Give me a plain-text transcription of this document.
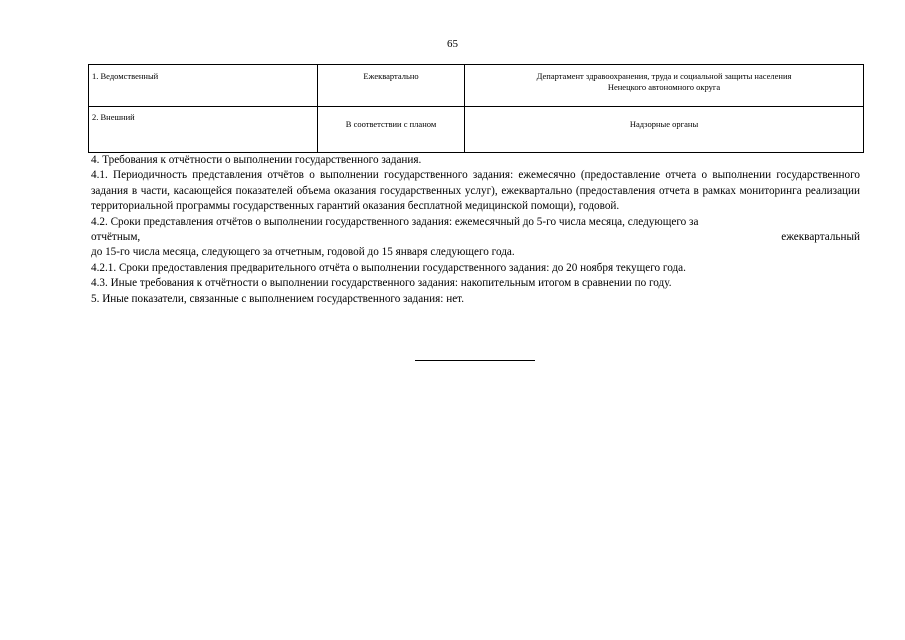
65
1. Ведомственный	Ежеквартально	Департамент здравоохранения, труда и социальной защиты населения
Ненецкого автономного округа

2. Внешний	В соответствии с планом	Надзорные органы

4. Требования к отчётности о выполнении государственного задания.

4.1. Периодичность представления отчётов о выполнении государственного задания: ежемесячно (предоставление отчета о выполнении государственного задания в части, касающейся показателей объема оказания государственных услуг), ежеквартально (предоставления отчета в рамках мониторинга реализации территориальной программы государственных гарантий оказания бесплатной медицинской помощи), годовой.

4.2. Сроки представления отчётов о выполнении государственного задания: ежемесячный до 5-го числа месяца, следующего за

отчётным,	ежеквартальный

до 15-го числа месяца, следующего за отчетным, годовой до 15 января следующего года.

4.2.1. Сроки предоставления предварительного отчёта о выполнении государственного задания: до 20 ноября текущего года.

4.3. Иные требования к отчётности о выполнении государственного задания: накопительным итогом в сравнении по году.

5. Иные показатели, связанные с выполнением государственного задания: нет.
